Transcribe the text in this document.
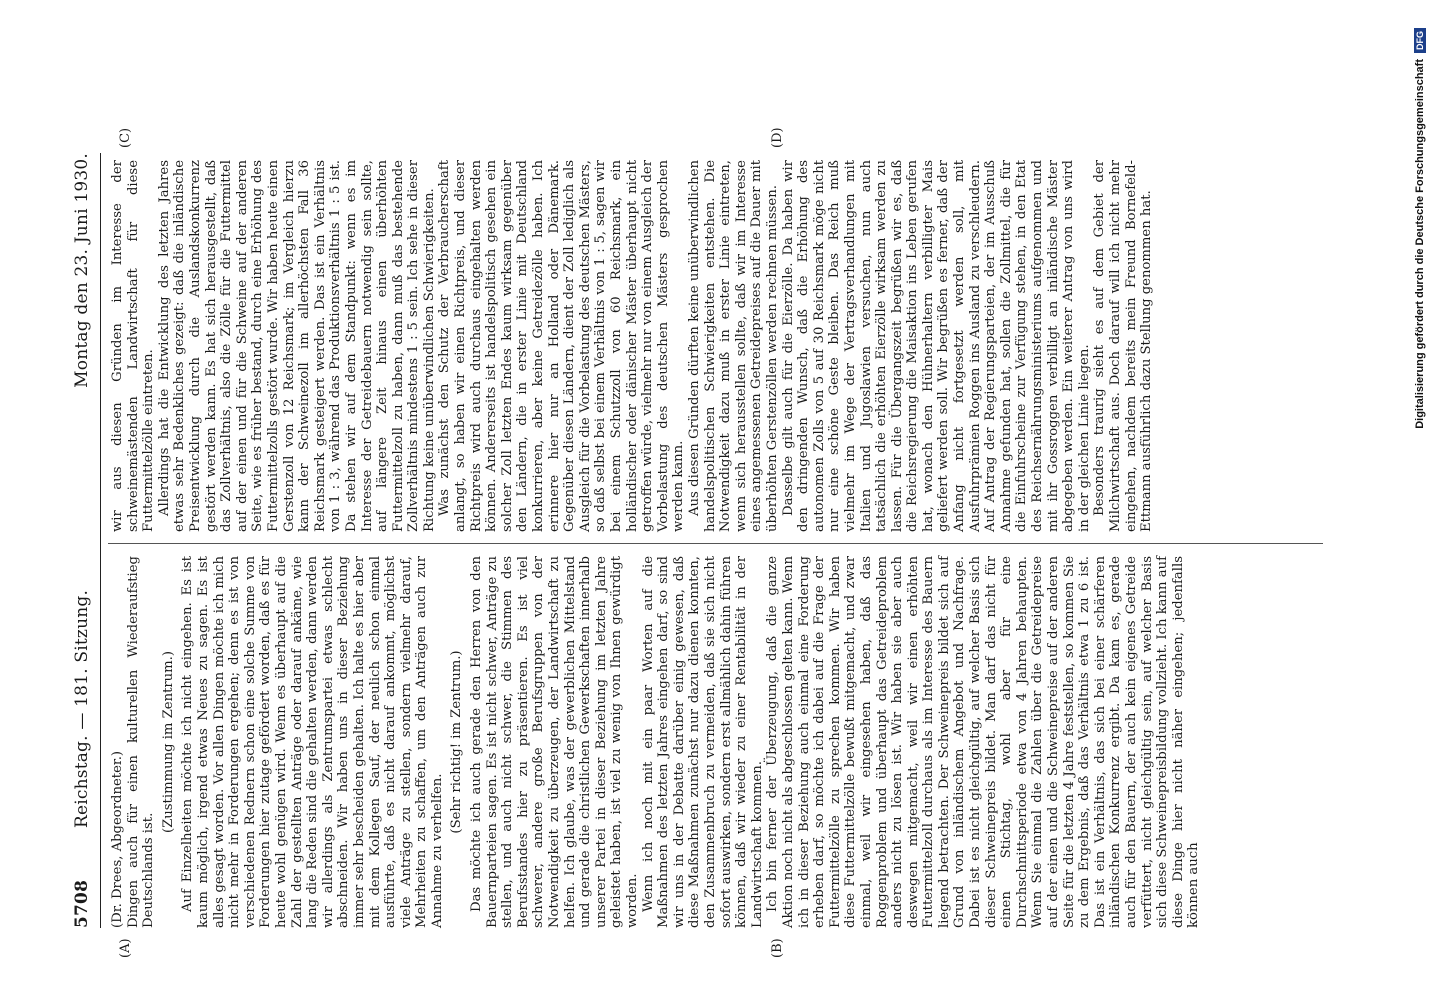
5708
Reichstag. — 181. Sitzung.
Montag den 23. Juni 1930.
(A)	(B)
(C)	(D)

(Dr. Drees, Abgeordneter.) Dingen auch für einen kulturellen Wiederaufstieg Deutschlands ist.

(Zustimmung im Zentrum.) Auf Einzelheiten möchte ich nicht eingehen. Es ist kaum möglich, irgend etwas Neues zu sagen. Es ist alles gesagt worden. Vor allen Dingen möchte ich mich nicht mehr in Forderungen ergehen; denn es ist von verschiedenen Rednern schon eine solche Summe von Forderungen hier zutage gefördert worden, daß es für heute wohl genügen wird. Wenn es überhaupt auf die Zahl der gestellten Anträge oder darauf ankäme, wie lang die Reden sind die gehalten werden, dann werden wir allerdings als Zentrumspartei etwas schlecht abschneiden. Wir haben uns in dieser Beziehung immer sehr bescheiden gehalten. Ich halte es hier aber mit dem Kollegen Sauf, der neulich schon einmal ausführte, daß es nicht darauf ankommt, möglichst viele Anträge zu stellen, sondern vielmehr darauf, Mehrheiten zu schaffen, um den Anträgen auch zur Annahme zu verhelfen.

(Sehr richtig! im Zentrum.) Das möchte ich auch gerade den Herren von den Bauernparteien sagen. Es ist nicht schwer, Anträge zu stellen, und auch nicht schwer, die Stimmen des Berufsstandes hier zu präsentieren. Es ist viel schwerer, andere große Berufsgruppen von der Notwendigkeit zu überzeugen, der Landwirtschaft zu helfen. Ich glaube, was der gewerblichen Mittelstand und gerade die christlichen Gewerkschaften innerhalb unserer Partei in dieser Beziehung im letzten Jahre geleistet haben, ist viel zu wenig von Ihnen gewürdigt worden. Wenn ich noch mit ein paar Worten auf die Maßnahmen des letzten Jahres eingehen darf, so sind wir uns in der Debatte darüber einig gewesen, daß diese Maßnahmen zunächst nur dazu dienen konnten, den Zusammenbruch zu vermeiden, daß sie sich nicht sofort auswirken, sondern erst allmählich dahin führen können, daß wir wieder zu einer Rentabilität in der Landwirtschaft kommen. Ich bin ferner der Überzeugung, daß die ganze Aktion noch nicht als abgeschlossen gelten kann. Wenn ich in dieser Beziehung auch einmal eine Forderung erheben darf, so möchte ich dabei auf die Frage der Futtermittelzölle zu sprechen kommen. Wir haben diese Futtermittelzölle bewußt mitgemacht, und zwar einmal, weil wir eingesehen haben, daß das Roggenproblem und überhaupt das Getreideproblem anders nicht zu lösen ist. Wir haben sie aber auch deswegen mitgemacht, weil wir einen erhöhten Futtermittelzoll durchaus als im Interesse des Bauern liegend betrachten. Der Schweinepreis bildet sich auf Grund von inländischem Angebot und Nachfrage. Dabei ist es nicht gleichgültig, auf welcher Basis sich dieser Schweinepreis bildet. Man darf das nicht für einen Stichtag, wohl aber für eine Durchschnittsperiode etwa von 4 Jahren behaupten. Wenn Sie einmal die Zahlen über die Getreidepreise auf der einen und die Schweinepreise auf der anderen Seite für die letzten 4 Jahre feststellen, so kommen Sie zu dem Ergebnis, daß das Verhältnis etwa 1 zu 6 ist. Das ist ein Verhältnis, das sich bei einer schärferen inländischen Konkurrenz ergibt. Da kam es, gerade auch für den Bauern, der auch kein eigenes Getreide verfüttert, nicht gleichgültig sein, auf welcher Basis sich diese Schweinepreisbildung vollzieht. Ich kann auf diese Dinge hier nicht näher eingehen; jedenfalls können auch

wir aus diesen Gründen im Interesse der schweinemästenden Landwirtschaft für diese Futtermittelzölle eintreten. Allerdings hat die Entwicklung des letzten Jahres etwas sehr Bedenkliches gezeigt: daß die inländische Preisentwicklung durch die Auslandskonkurrenz gestört werden kann. Es hat sich herausgestellt, daß das Zollverhältnis, also die Zölle für die Futtermittel auf der einen und für die Schweine auf der anderen Seite, wie es früher bestand, durch eine Erhöhung des Futtermittelzolls gestört wurde. Wir haben heute einen Gerstenzoll von 12 Reichsmark; im Vergleich hierzu kann der Schweinezoll im allerhöchsten Fall 36 Reichsmark gesteigert werden. Das ist ein Verhältnis von 1 : 3, während das Produktionsverhältnis 1 : 5 ist. Da stehen wir auf dem Standpunkt: wenn es im Interesse der Getreidebauern notwendig sein sollte, auf längere Zeit hinaus einen überhöhten Futtermittelzoll zu haben, dann muß das bestehende Zollverhältnis mindestens 1 : 5 sein. Ich sehe in dieser Richtung keine unüberwindlichen Schwierigkeiten. Was zunächst den Schutz der Verbraucherschaft anlangt, so haben wir einen Richtpreis, und dieser Richtpreis wird auch durchaus eingehalten werden können. Andererseits ist handelspolitisch gesehen ein solcher Zoll letzten Endes kaum wirksam gegenüber den Ländern, die in erster Linie mit Deutschland konkurrieren, aber keine Getreidezölle haben. Ich erinnere hier nur an Holland oder Dänemark. Gegenüber diesen Ländern, dient der Zoll lediglich als Ausgleich für die Vorbelastung des deutschen Mästers, so daß selbst bei einem Verhältnis von 1 : 5, sagen wir bei einem Schutzzoll von 60 Reichsmark, ein holländischer oder dänischer Mäster überhaupt nicht getroffen würde, vielmehr nur von einem Ausgleich der Vorbelastung des deutschen Mästers gesprochen werden kann. Aus diesen Gründen dürften keine unüberwindlichen handelspolitischen Schwierigkeiten entstehen. Die Notwendigkeit dazu muß in erster Linie eintreten, wenn sich herausstellen sollte, daß wir im Interesse eines angemessenen Getreidepreises auf die Dauer mit überhöhten Gerstenzöllen werden rechnen müssen. Dasselbe gilt auch für die Eierzölle. Da haben wir den dringenden Wunsch, daß die Erhöhung des autonomen Zolls von 5 auf 30 Reichsmark möge nicht nur eine schöne Geste bleiben. Das Reich muß vielmehr im Wege der Vertragsverhandlungen mit Italien und Jugoslawien versuchen, nun auch tatsächlich die erhöhten Eierzölle wirksam werden zu lassen. Für die Übergangszeit begrüßen wir es, daß die Reichsregierung die Maisaktion ins Leben gerufen hat, wonach den Hühnerhaltern verbilligter Mais geliefert werden soll. Wir begrüßen es ferner, daß der Anfang nicht fortgesetzt werden soll, mit Ausfuhrprämien Roggen ins Ausland zu verschleudern. Auf Antrag der Regierungsparteien, der im Ausschuß Annahme gefunden hat, sollen die Zollmittel, die für die Einfuhrscheine zur Verfügung stehen, in den Etat des Reichsernährungsministeriums aufgenommen und mit ihr Gossroggen verbilligt an inländische Mäster abgegeben werden. Ein weiterer Antrag von uns wird in der gleichen Linie liegen. Besonders traurig sieht es auf dem Gebiet der Milchwirtschaft aus. Doch darauf will ich nicht mehr eingehen, nachdem bereits mein Freund Bornefeld-Ettmann ausführlich dazu Stellung genommen hat.	Digitalisierung gefördert durch die Deutsche Forschungsgemeinschaft
DFG
